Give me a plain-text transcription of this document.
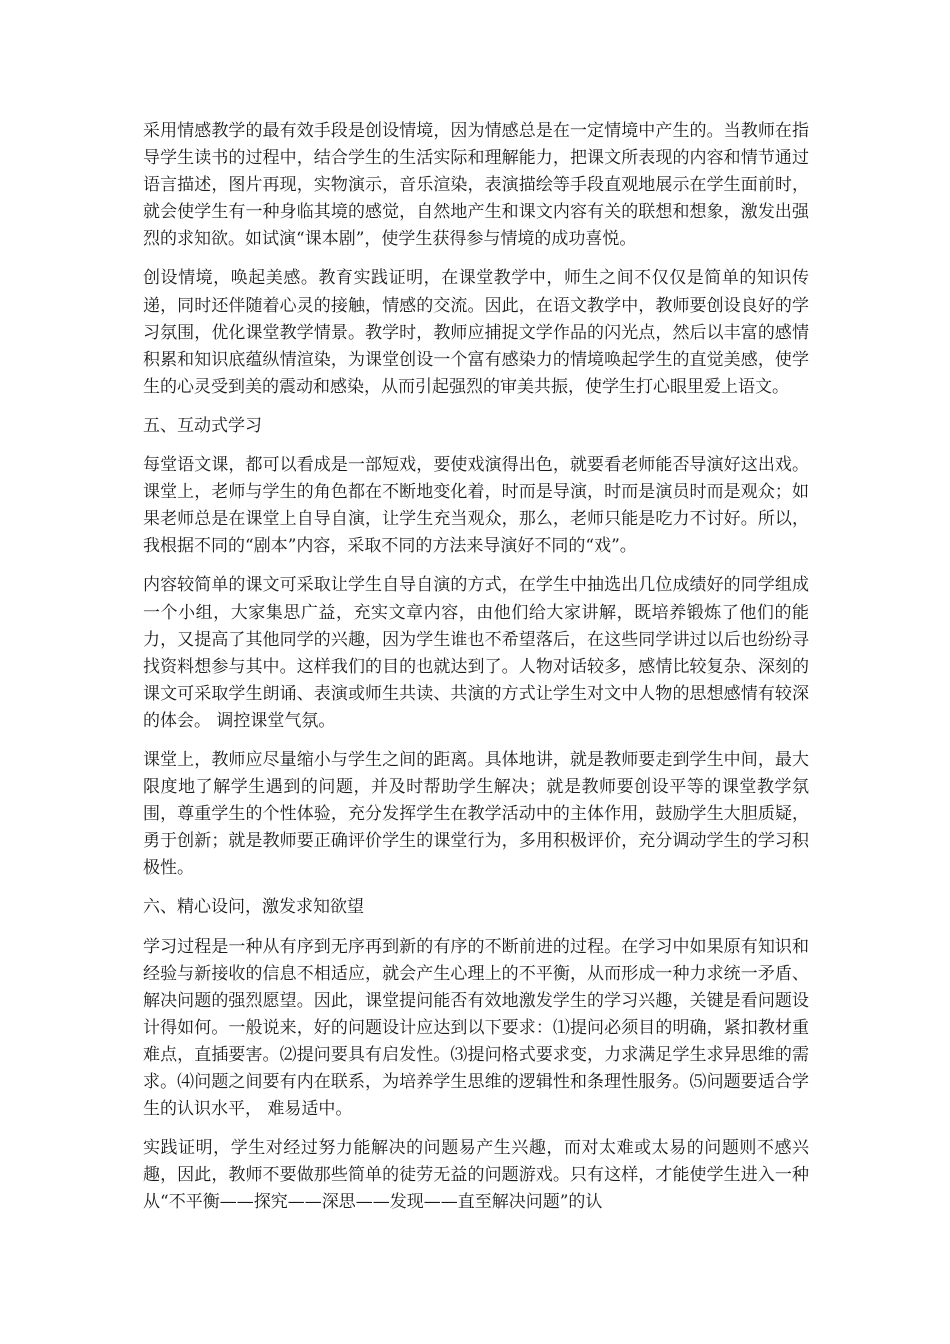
采用情感教学的最有效手段是创设情境，因为情感总是在一定情境中产生的。当教师在指导学生读书的过程中，结合学生的生活实际和理解能力，把课文所表现的内容和情节通过语言描述，图片再现，实物演示，音乐渲染，表演描绘等手段直观地展示在学生面前时，就会使学生有一种身临其境的感觉，自然地产生和课文内容有关的联想和想象，激发出强烈的求知欲。如试演“课本剧”，使学生获得参与情境的成功喜悦。

创设情境，唤起美感。教育实践证明，在课堂教学中，师生之间不仅仅是简单的知识传递，同时还伴随着心灵的接触，情感的交流。因此，在语文教学中，教师要创设良好的学习氛围，优化课堂教学情景。教学时，教师应捕捉文学作品的闪光点，然后以丰富的感情积累和知识底蕴纵情渲染，为课堂创设一个富有感染力的情境唤起学生的直觉美感，使学生的心灵受到美的震动和感染，从而引起强烈的审美共振，使学生打心眼里爱上语文。

五、互动式学习

每堂语文课，都可以看成是一部短戏，要使戏演得出色，就要看老师能否导演好这出戏。课堂上，老师与学生的角色都在不断地变化着，时而是导演，时而是演员时而是观众；如果老师总是在课堂上自导自演，让学生充当观众，那么，老师只能是吃力不讨好。所以，我根据不同的“剧本”内容，采取不同的方法来导演好不同的“戏”。

内容较简单的课文可采取让学生自导自演的方式，在学生中抽选出几位成绩好的同学组成一个小组，大家集思广益，充实文章内容，由他们给大家讲解，既培养锻炼了他们的能力，又提高了其他同学的兴趣，因为学生谁也不希望落后，在这些同学讲过以后也纷纷寻找资料想参与其中。这样我们的目的也就达到了。人物对话较多，感情比较复杂、深刻的课文可采取学生朗诵、表演或师生共读、共演的方式让学生对文中人物的思想感情有较深的体会。 调控课堂气氛。

课堂上，教师应尽量缩小与学生之间的距离。具体地讲，就是教师要走到学生中间，最大限度地了解学生遇到的问题，并及时帮助学生解决；就是教师要创设平等的课堂教学氛围，尊重学生的个性体验，充分发挥学生在教学活动中的主体作用，鼓励学生大胆质疑，勇于创新；就是教师要正确评价学生的课堂行为，多用积极评价，充分调动学生的学习积极性。

六、精心设问，激发求知欲望

学习过程是一种从有序到无序再到新的有序的不断前进的过程。在学习中如果原有知识和经验与新接收的信息不相适应，就会产生心理上的不平衡，从而形成一种力求统一矛盾、解决问题的强烈愿望。因此，课堂提问能否有效地激发学生的学习兴趣，关键是看问题设计得如何。一般说来，好的问题设计应达到以下要求：⑴提问必须目的明确，紧扣教材重难点，直插要害。⑵提问要具有启发性。⑶提问格式要求变，力求满足学生求异思维的需求。⑷问题之间要有内在联系，为培养学生思维的逻辑性和条理性服务。⑸问题要适合学生的认识水平， 难易适中。

实践证明，学生对经过努力能解决的问题易产生兴趣，而对太难或太易的问题则不感兴趣，因此，教师不要做那些简单的徒劳无益的问题游戏。只有这样，才能使学生进入一种从“不平衡——探究——深思——发现——直至解决问题”的认
